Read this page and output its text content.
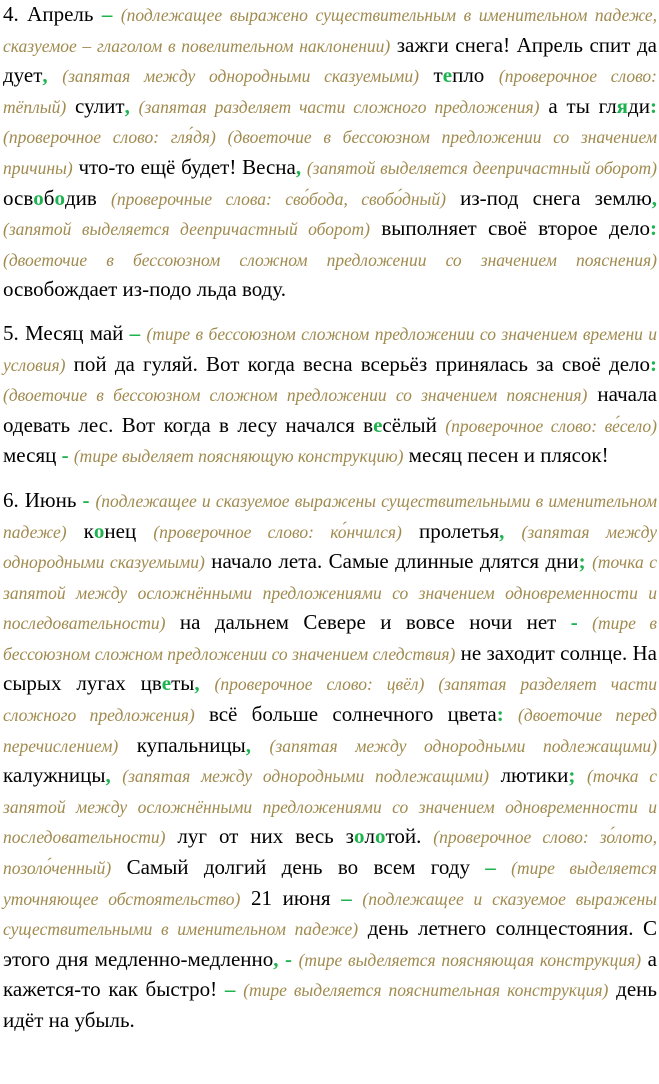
4. Апрель – (подлежащее выражено существительным в именительном падеже, сказуемое – глаголом в повелительном наклонении) зажги снега! Апрель спит да дует, (запятая между однородными сказуемыми) тепло (проверочное слово: тёплый) сулит, (запятая разделяет части сложного предложения) а ты гляди: (проверочное слово: гля́дя) (двоеточие в бессоюзном предложении со значением причины) что-то ещё будет! Весна, (запятой выделяется деепричастный оборот) освободив (проверочные слова: сво́бода, свобо́дный) из-под снега землю, (запятой выделяется деепричастный оборот) выполняет своё второе дело: (двоеточие в бессоюзном сложном предложении со значением пояснения) освобождает из-подо льда воду.

5. Месяц май – (тире в бессоюзном сложном предложении со значением времени и условия) пой да гуляй. Вот когда весна всерьёз принялась за своё дело: (двоеточие в бессоюзном сложном предложении со значением пояснения) начала одевать лес. Вот когда в лесу начался весёлый (проверочное слово: ве́село) месяц - (тире выделяет поясняющую конструкцию) месяц песен и плясок!

6. Июнь - (подлежащее и сказуемое выражены существительными в именительном падеже) конец (проверочное слово: ко́нчился) пролетья, (запятая между однородными сказуемыми) начало лета. Самые длинные длятся дни; (точка с запятой между осложнёнными предложениями со значением одновременности и последовательности) на дальнем Севере и вовсе ночи нет - (тире в бессоюзном сложном предложении со значением следствия) не заходит солнце. На сырых лугах цветы, (проверочное слово: цвёл) (запятая разделяет части сложного предложения) всё больше солнечного цвета: (двоеточие перед перечислением) купальницы, (запятая между однородными подлежащими) калужницы, (запятая между однородными подлежащими) лютики; (точка с запятой между осложнёнными предложениями со значением одновременности и последовательности) луг от них весь золотой. (проверочное слово: зо́лото, позоло́ченный) Самый долгий день во всем году – (тире выделяется уточняющее обстоятельство) 21 июня – (подлежащее и сказуемое выражены существительными в именительном падеже) день летнего солнцестояния. С этого дня медленно-медленно, - (тире выделяется поясняющая конструкция) а кажется-то как быстро! – (тире выделяется пояснительная конструкция) день идёт на убыль.
